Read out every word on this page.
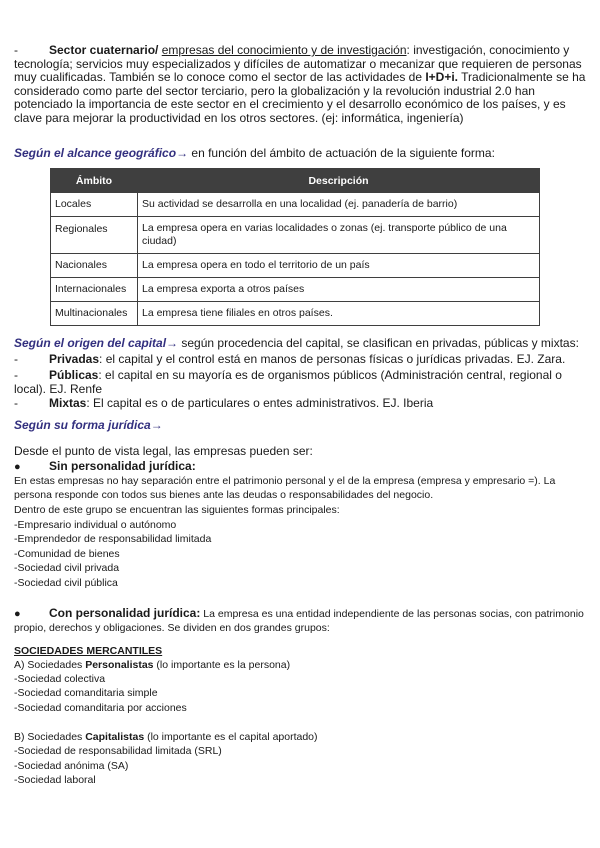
-	Sector cuaternario/ empresas del conocimiento y de investigación: investigación, conocimiento y tecnología; servicios muy especializados y difíciles de automatizar o mecanizar que requieren de personas muy cualificadas. También se lo conoce como el sector de las actividades de I+D+i. Tradicionalmente se ha considerado como parte del sector terciario, pero la globalización y la revolución industrial 2.0 han potenciado la importancia de este sector en el crecimiento y el desarrollo económico de los países, y es clave para mejorar la productividad en los otros sectores. (ej: informática, ingeniería)
Según el alcance geográfico→ en función del ámbito de actuación de la siguiente forma:
Ámbito	Descripción
Locales	Su actividad se desarrolla en una localidad (ej. panadería de barrio)
Regionales	La empresa opera en varias localidades o zonas (ej. transporte público de una ciudad)
Nacionales	La empresa opera en todo el territorio de un país
Internacionales	La empresa exporta a otros países
Multinacionales	La empresa tiene filiales en otros países.
Según el origen del capital→ según procedencia del capital, se clasifican en privadas, públicas y mixtas:
-	Privadas: el capital y el control está en manos de personas físicas o jurídicas privadas. EJ. Zara.
-	Públicas: el capital en su mayoría es de organismos públicos (Administración central, regional o local). EJ. Renfe
-	Mixtas: El capital es o de particulares o entes administrativos. EJ. Iberia
Según su forma jurídica→
Desde el punto de vista legal, las empresas pueden ser:
● Sin personalidad jurídica:
En estas empresas no hay separación entre el patrimonio personal y el de la empresa (empresa y empresario =). La persona responde con todos sus bienes ante las deudas o responsabilidades del negocio.
Dentro de este grupo se encuentran las siguientes formas principales:
-Empresario individual o autónomo
-Emprendedor de responsabilidad limitada
-Comunidad de bienes
-Sociedad civil privada
-Sociedad civil pública
● Con personalidad jurídica: La empresa es una entidad independiente de las personas socias, con patrimonio propio, derechos y obligaciones. Se dividen en dos grandes grupos:
SOCIEDADES MERCANTILES
A) Sociedades Personalistas (lo importante es la persona)
-Sociedad colectiva
-Sociedad comanditaria simple
-Sociedad comanditaria por acciones
B) Sociedades Capitalistas (lo importante es el capital aportado)
-Sociedad de responsabilidad limitada (SRL)
-Sociedad anónima (SA)
-Sociedad laboral
